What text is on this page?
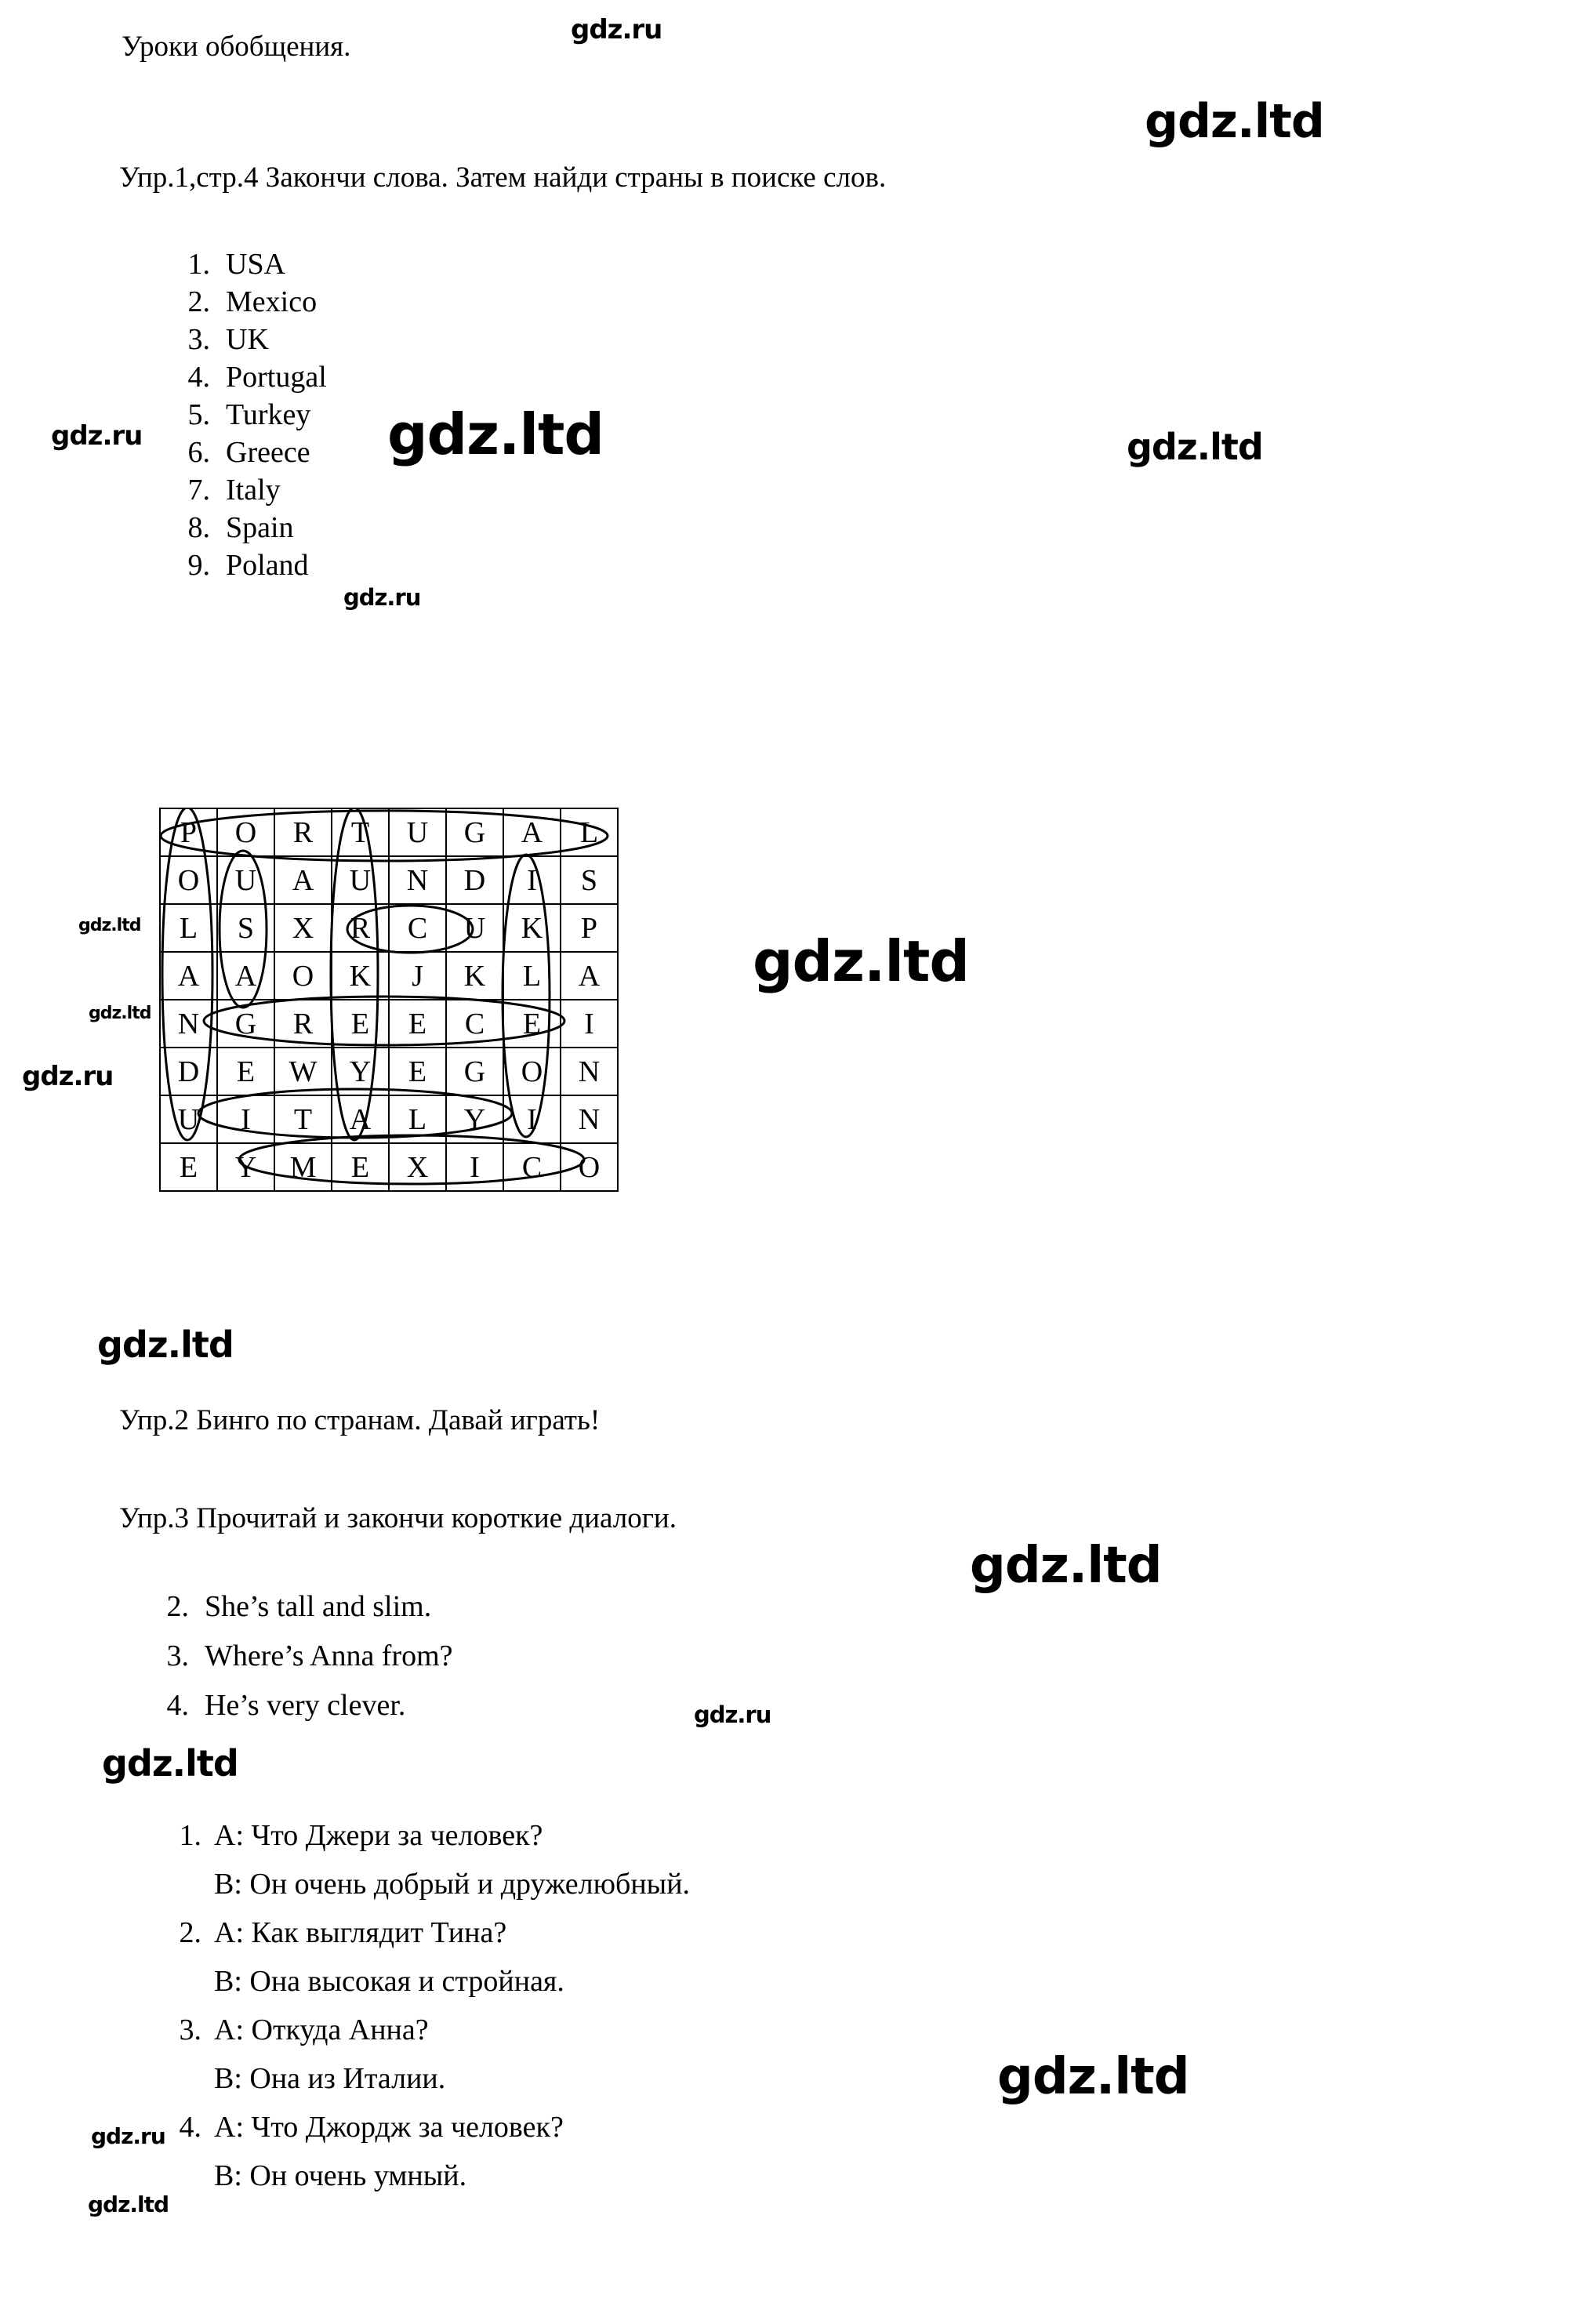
gdz.ru
gdz.ltd
gdz.ru	gdz.ltd	gdz.ltd
gdz.ru
gdz.ltd
gdz.ltd
gdz.ltd
gdz.ru
gdz.ltd
gdz.ltd
gdz.ru
gdz.ltd
gdz.ltd
gdz.ru
gdz.ltd
Уроки обобщения.
Упр.1,стр.4 Закончи слова. Затем найди страны в поиске слов.
1. USA
2. Mexico
3. UK
4. Portugal
5. Turkey
6. Greece
7. Italy
8. Spain
9. Poland
P	O	R	T	U	G	A	L
O	U	A	U	N	D	I	S
L	S	X	R	C	U	K	P
A	A	O	K	J	K	L	A
N	G	R	E	E	C	E	I
D	E	W	Y	E	G	O	N
U	I	T	A	L	Y	I	N
E	Y	M	E	X	I	C	O
Упр.2 Бинго по странам. Давай играть!
Упр.3 Прочитай и закончи короткие диалоги.
2. She’s tall and slim.
3. Where’s Anna from?
4. He’s very clever.
1. A: Что Джери за человек?
B: Он очень добрый и дружелюбный.
2. A: Как выглядит Тина?
B: Она высокая и стройная.
3. A: Откуда Анна?
B: Она из Италии.
4. A: Что Джордж за человек?
B: Он очень умный.
